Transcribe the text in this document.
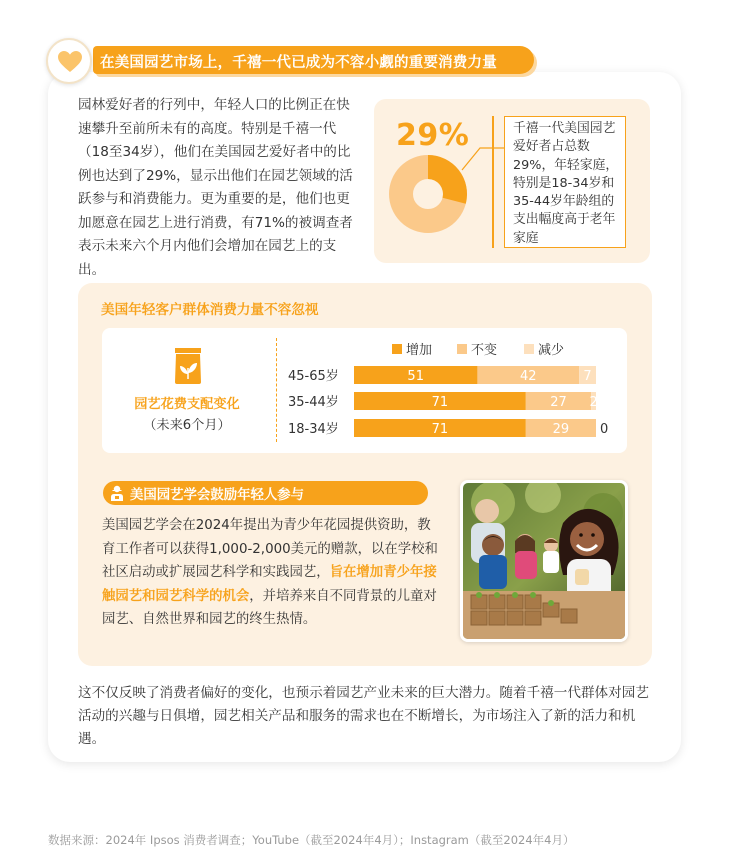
在美国园艺市场上，千禧一代已成为不容小觑的重要消费力量
园林爱好者的行列中，年轻人口的比例正在快速攀升至前所未有的高度。特别是千禧一代（18至34岁），他们在美国园艺爱好者中的比例也达到了29%，显示出他们在园艺领域的活跃参与和消费能力。更为重要的是，他们也更加愿意在园艺上进行消费，有71%的被调查者表示未来六个月内他们会增加在园艺上的支出。
29%	千禧一代美国园艺爱好者占总数29%，年轻家庭，特别是18-34岁和35-44岁年龄组的支出幅度高于老年家庭
美国年轻客户群体消费力量不容忽视
园艺花费支配变化
（未来6个月）
增加	不变	减少
45-65岁	51	42	7
35-44岁	71	27 2
18-34岁	71	29 0
美国园艺学会鼓励年轻人参与
美国园艺学会在2024年提出为青少年花园提供资助，教育工作者可以获得1,000-2,000美元的赠款，以在学校和社区启动或扩展园艺科学和实践园艺，旨在增加青少年接触园艺和园艺科学的机会，并培养来自不同背景的儿童对园艺、自然世界和园艺的终生热情。
这不仅反映了消费者偏好的变化，也预示着园艺产业未来的巨大潜力。随着千禧一代群体对园艺活动的兴趣与日俱增，园艺相关产品和服务的需求也在不断增长，为市场注入了新的活力和机遇。
数据来源：2024年 Ipsos 消费者调查；YouTube（截至2024年4月）；Instagram（截至2024年4月）
